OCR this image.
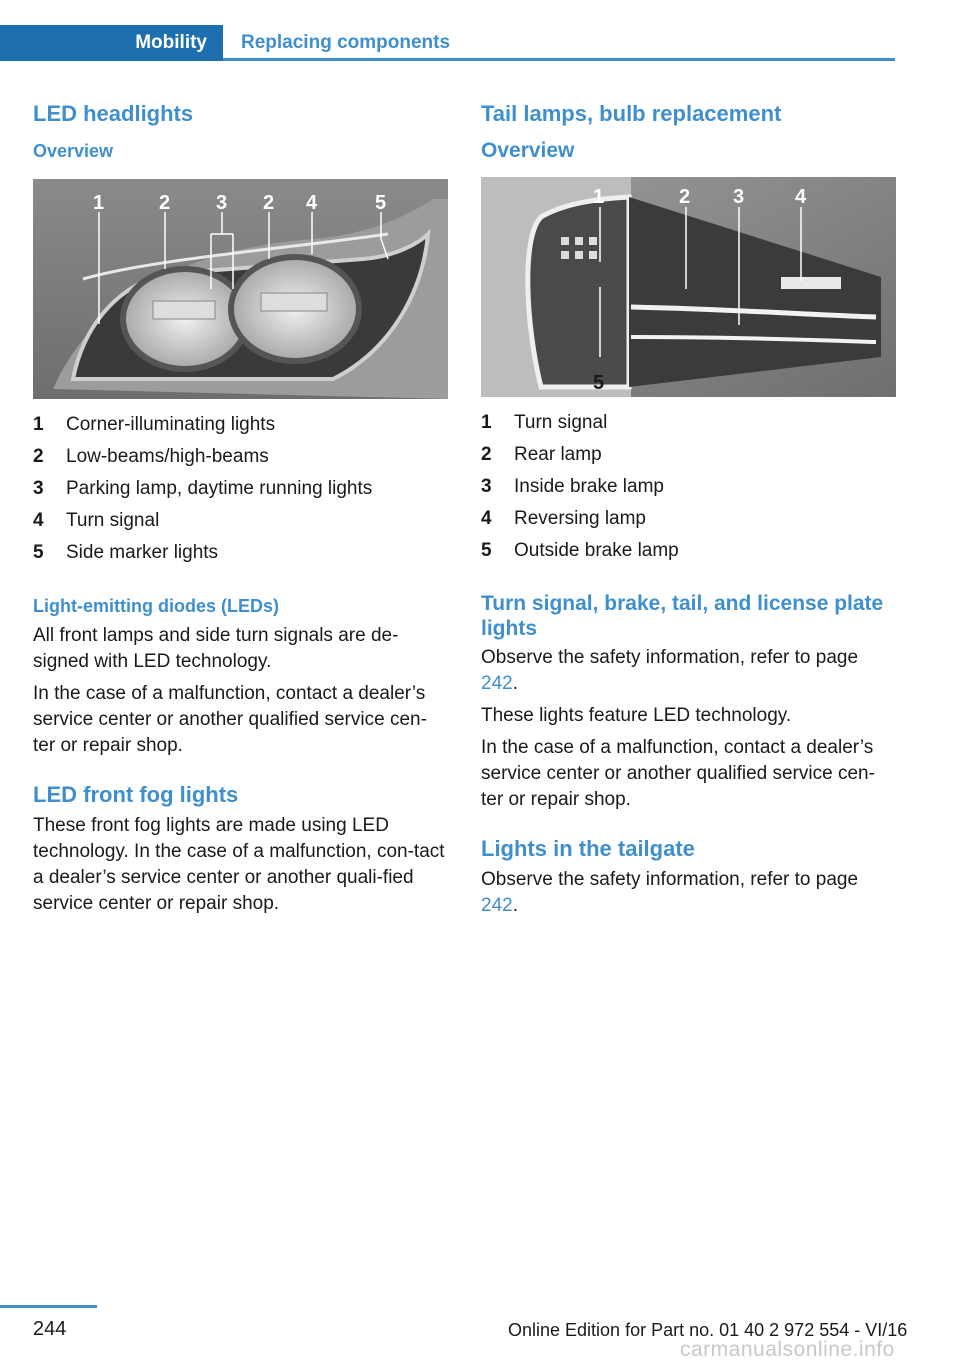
Mobility	Replacing components
LED headlights
Overview
1	2 3 2 4	5
1	Corner-illuminating lights
2	Low-beams/high-beams
3	Parking lamp, daytime running lights
4	Turn signal
5	Side marker lights
Light-emitting diodes (LEDs)

All front lamps and side turn signals are de‐signed with LED technology.

In the case of a malfunction, contact a dealer’s service center or another qualified service cen‐ter or repair shop.

LED front fog lights

These front fog lights are made using LED technology. In the case of a malfunction, con‐tact a dealer’s service center or another quali‐fied service center or repair shop.

Tail lamps, bulb replacement
Overview
1	2 3	4
5
1	Turn signal
2	Rear lamp
3	Inside brake lamp
4	Reversing lamp
5	Outside brake lamp
Turn signal, brake, tail, and license plate lights

Observe the safety information, refer to page 242.

These lights feature LED technology.

In the case of a malfunction, contact a dealer’s service center or another qualified service cen‐ter or repair shop.

Lights in the tailgate

Observe the safety information, refer to page 242.

244	Online Edition for Part no. 01 40 2 972 554 - VI/16
carmanualsonline.info
